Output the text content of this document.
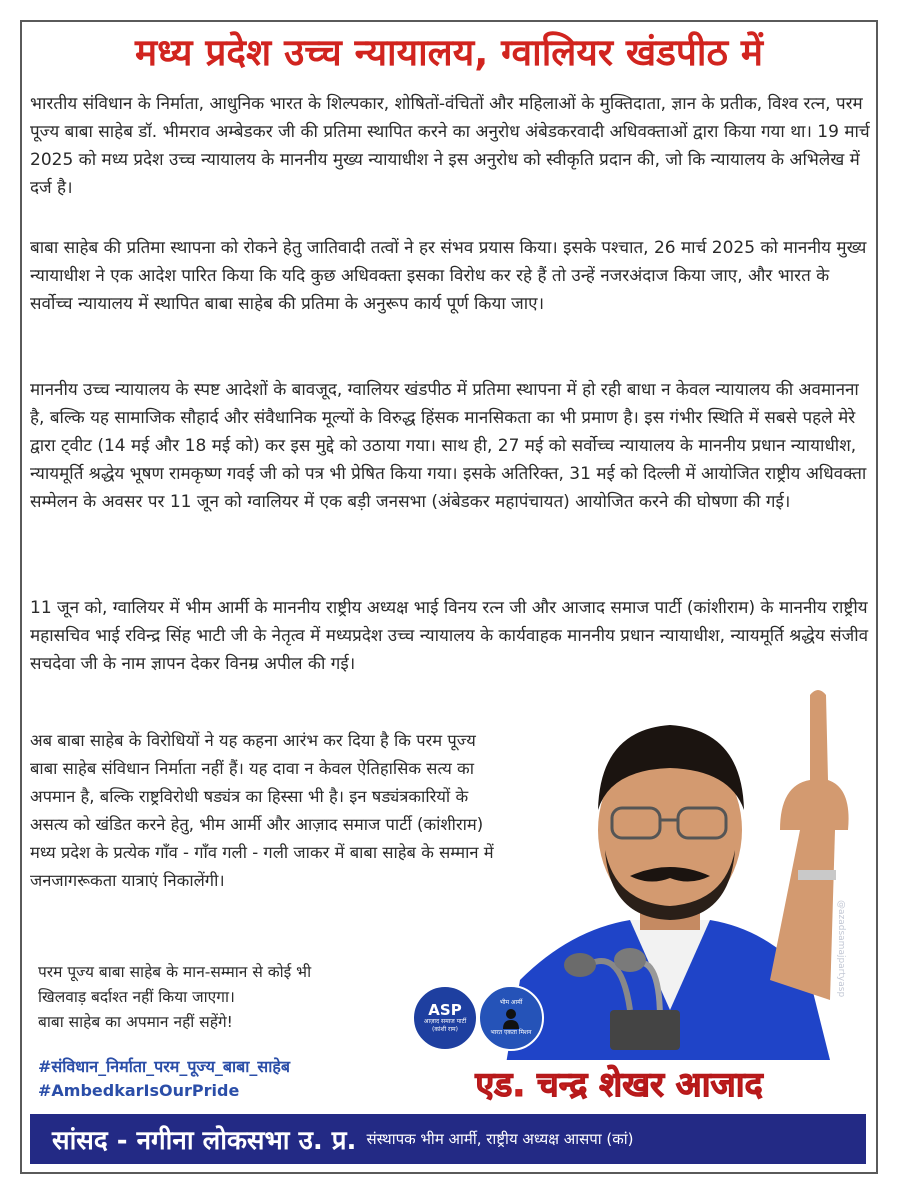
मध्य प्रदेश उच्च न्यायालय, ग्वालियर खंडपीठ में

भारतीय संविधान के निर्माता, आधुनिक भारत के शिल्पकार, शोषितों-वंचितों और महिलाओं के मुक्तिदाता, ज्ञान के प्रतीक, विश्व रत्न, परम पूज्य बाबा साहेब डॉ. भीमराव अम्बेडकर जी की प्रतिमा स्थापित करने का अनुरोध अंबेडकरवादी अधिवक्ताओं द्वारा किया गया था। 19 मार्च 2025 को मध्य प्रदेश उच्च न्यायालय के माननीय मुख्य न्यायाधीश ने इस अनुरोध को स्वीकृति प्रदान की, जो कि न्यायालय के अभिलेख में दर्ज है।

बाबा साहेब की प्रतिमा स्थापना को रोकने हेतु जातिवादी तत्वों ने हर संभव प्रयास किया। इसके पश्चात, 26 मार्च 2025 को माननीय मुख्य न्यायाधीश ने एक आदेश पारित किया कि यदि कुछ अधिवक्ता इसका विरोध कर रहे हैं तो उन्हें नजरअंदाज किया जाए, और भारत के सर्वोच्च न्यायालय में स्थापित बाबा साहेब की प्रतिमा के अनुरूप कार्य पूर्ण किया जाए।

माननीय उच्च न्यायालय के स्पष्ट आदेशों के बावजूद, ग्वालियर खंडपीठ में प्रतिमा स्थापना में हो रही बाधा न केवल न्यायालय की अवमानना है, बल्कि यह सामाजिक सौहार्द और संवैधानिक मूल्यों के विरुद्ध हिंसक मानसिकता का भी प्रमाण है। इस गंभीर स्थिति में सबसे पहले मेरे द्वारा ट्वीट (14 मई और 18 मई को) कर इस मुद्दे को उठाया गया। साथ ही, 27 मई को सर्वोच्च न्यायालय के माननीय प्रधान न्यायाधीश, न्यायमूर्ति श्रद्धेय भूषण रामकृष्ण गवई जी को पत्र भी प्रेषित किया गया। इसके अतिरिक्त, 31 मई को दिल्ली में आयोजित राष्ट्रीय अधिवक्ता सम्मेलन के अवसर पर 11 जून को ग्वालियर में एक बड़ी जनसभा (अंबेडकर महापंचायत) आयोजित करने की घोषणा की गई।

11 जून को, ग्वालियर में भीम आर्मी के माननीय राष्ट्रीय अध्यक्ष भाई विनय रत्न जी और आजाद समाज पार्टी (कांशीराम) के माननीय राष्ट्रीय महासचिव भाई रविन्द्र सिंह भाटी जी के नेतृत्व में मध्यप्रदेश उच्च न्यायालय के कार्यवाहक माननीय प्रधान न्यायाधीश, न्यायमूर्ति श्रद्धेय संजीव सचदेवा जी के नाम ज्ञापन देकर विनम्र अपील की गई।

अब बाबा साहेब के विरोधियों ने यह कहना आरंभ कर दिया है कि परम पूज्य बाबा साहेब संविधान निर्माता नहीं हैं। यह दावा न केवल ऐतिहासिक सत्य का अपमान है, बल्कि राष्ट्रविरोधी षड्यंत्र का हिस्सा भी है। इन षड्यंत्रकारियों के असत्य को खंडित करने हेतु, भीम आर्मी और आज़ाद समाज पार्टी (कांशीराम) मध्य प्रदेश के प्रत्येक गाँव - गाँव गली - गली जाकर में बाबा साहेब के सम्मान में जनजागरूकता यात्राएं निकालेंगी।

परम पूज्य बाबा साहेब के मान-सम्मान से कोई भी
खिलवाड़ बर्दाश्त नहीं किया जाएगा।
बाबा साहेब का अपमान नहीं सहेंगे!
#संविधान_निर्माता_परम_पूज्य_बाबा_साहेब
#AmbedkarIsOurPride
ASP
आज़ाद समाज पार्टी
(कांशी राम)
भीम आर्मी
भारत एकता मिशन
@azadsamajpartyasp
एड. चन्द्र शेखर आजाद
सांसद - नगीना लोकसभा उ. प्र. संस्थापक भीम आर्मी, राष्ट्रीय अध्यक्ष आसपा (कां)
